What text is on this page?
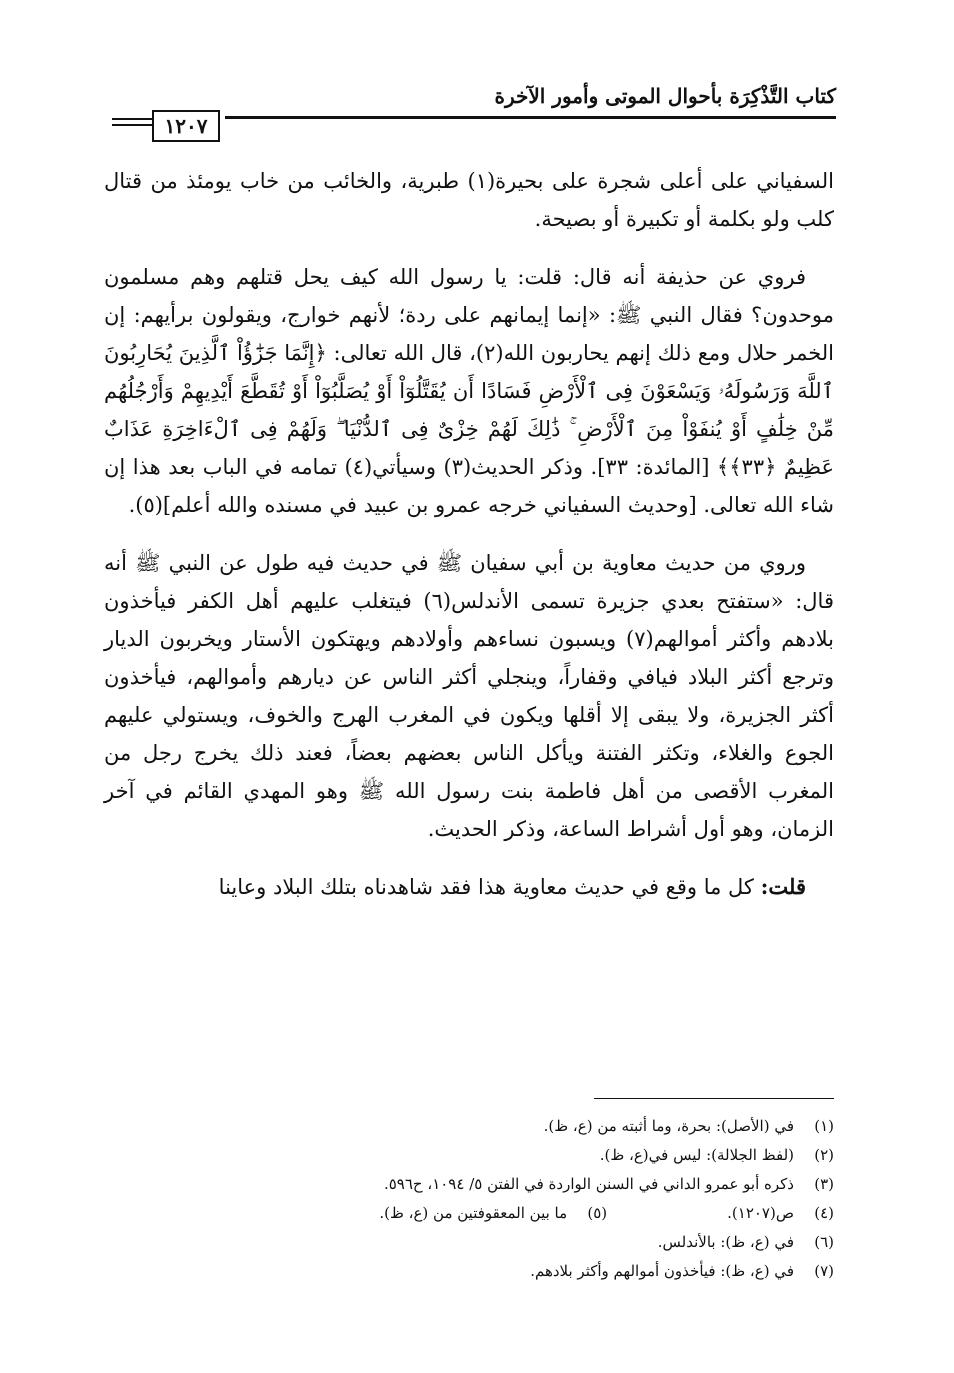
كتاب التَّذْكِرَة بأحوال الموتى وأمور الآخرة
١٢٠٧

السفياني على أعلى شجرة على بحيرة(١) طبرية، والخائب من خاب يومئذ من قتال كلب ولو بكلمة أو تكبيرة أو بصيحة.

فروي عن حذيفة أنه قال: قلت: يا رسول الله كيف يحل قتلهم وهم مسلمون موحدون؟ فقال النبي ﷺ: «إنما إيمانهم على ردة؛ لأنهم خوارج، ويقولون برأيهم: إن الخمر حلال ومع ذلك إنهم يحاربون الله(٢)، قال الله تعالى: ﴿إِنَّمَا جَزَٰٓؤُاْ ٱلَّذِينَ يُحَارِبُونَ ٱللَّهَ وَرَسُولَهُۥ وَيَسْعَوْنَ فِى ٱلْأَرْضِ فَسَادًا أَن يُقَتَّلُوٓاْ أَوْ يُصَلَّبُوٓاْ أَوْ تُقَطَّعَ أَيْدِيهِمْ وَأَرْجُلُهُم مِّنْ خِلَٰفٍ أَوْ يُنفَوْاْ مِنَ ٱلْأَرْضِ ۚ ذَٰلِكَ لَهُمْ خِزْىٌ فِى ٱلدُّنْيَا ۖ وَلَهُمْ فِى ٱلْءَاخِرَةِ عَذَابٌ عَظِيمٌ ﴿٣٣﴾﴾ [المائدة: ٣٣]. وذكر الحديث(٣) وسيأتي(٤) تمامه في الباب بعد هذا إن شاء الله تعالى. [وحديث السفياني خرجه عمرو بن عبيد في مسنده والله أعلم](٥).

وروي من حديث معاوية بن أبي سفيان ﷺ في حديث فيه طول عن النبي ﷺ أنه قال: «ستفتح بعدي جزيرة تسمى الأندلس(٦) فيتغلب عليهم أهل الكفر فيأخذون بلادهم وأكثر أموالهم(٧) ويسبون نساءهم وأولادهم ويهتكون الأستار ويخربون الديار وترجع أكثر البلاد فيافي وقفاراً، وينجلي أكثر الناس عن ديارهم وأموالهم، فيأخذون أكثر الجزيرة، ولا يبقى إلا أقلها ويكون في المغرب الهرج والخوف، ويستولي عليهم الجوع والغلاء، وتكثر الفتنة ويأكل الناس بعضهم بعضاً، فعند ذلك يخرج رجل من المغرب الأقصى من أهل فاطمة بنت رسول الله ﷺ وهو المهدي القائم في آخر الزمان، وهو أول أشراط الساعة، وذكر الحديث.

قلت: كل ما وقع في حديث معاوية هذا فقد شاهدناه بتلك البلاد وعاينا

(١)في (الأصل): بحرة، وما أثبته من (ع، ظ).
(٢)(لفظ الجلالة): ليس في(ع، ظ).
(٣)ذكره أبو عمرو الداني في السنن الواردة في الفتن ٥/ ١٠٩٤، ح٥٩٦.
(٤)ص(١٢٠٧).(٥)ما بين المعقوفتين من (ع، ظ).
(٦)في (ع، ظ): بالأندلس.
(٧)في (ع، ظ): فيأخذون أموالهم وأكثر بلادهم.
